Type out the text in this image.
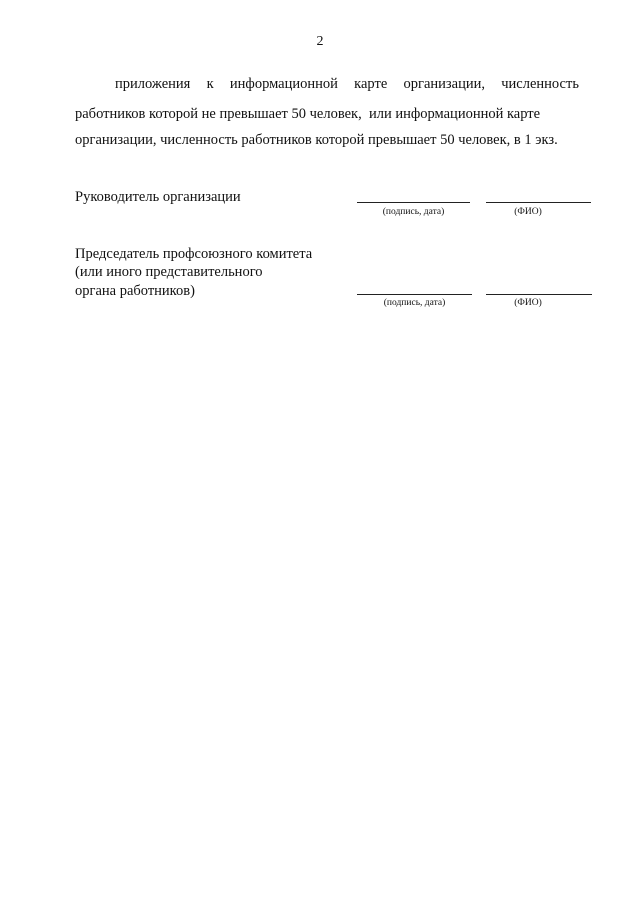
2
приложения к информационной карте организации, численность
работников которой не превышает 50 человек,  или информационной карте
организации, численность работников которой превышает 50 человек, в 1 экз.
Руководитель организации
(подпись, дата)	(ФИО)
Председатель профсоюзного комитета
(или иного представительного
органа работников)
(подпись, дата)	(ФИО)
